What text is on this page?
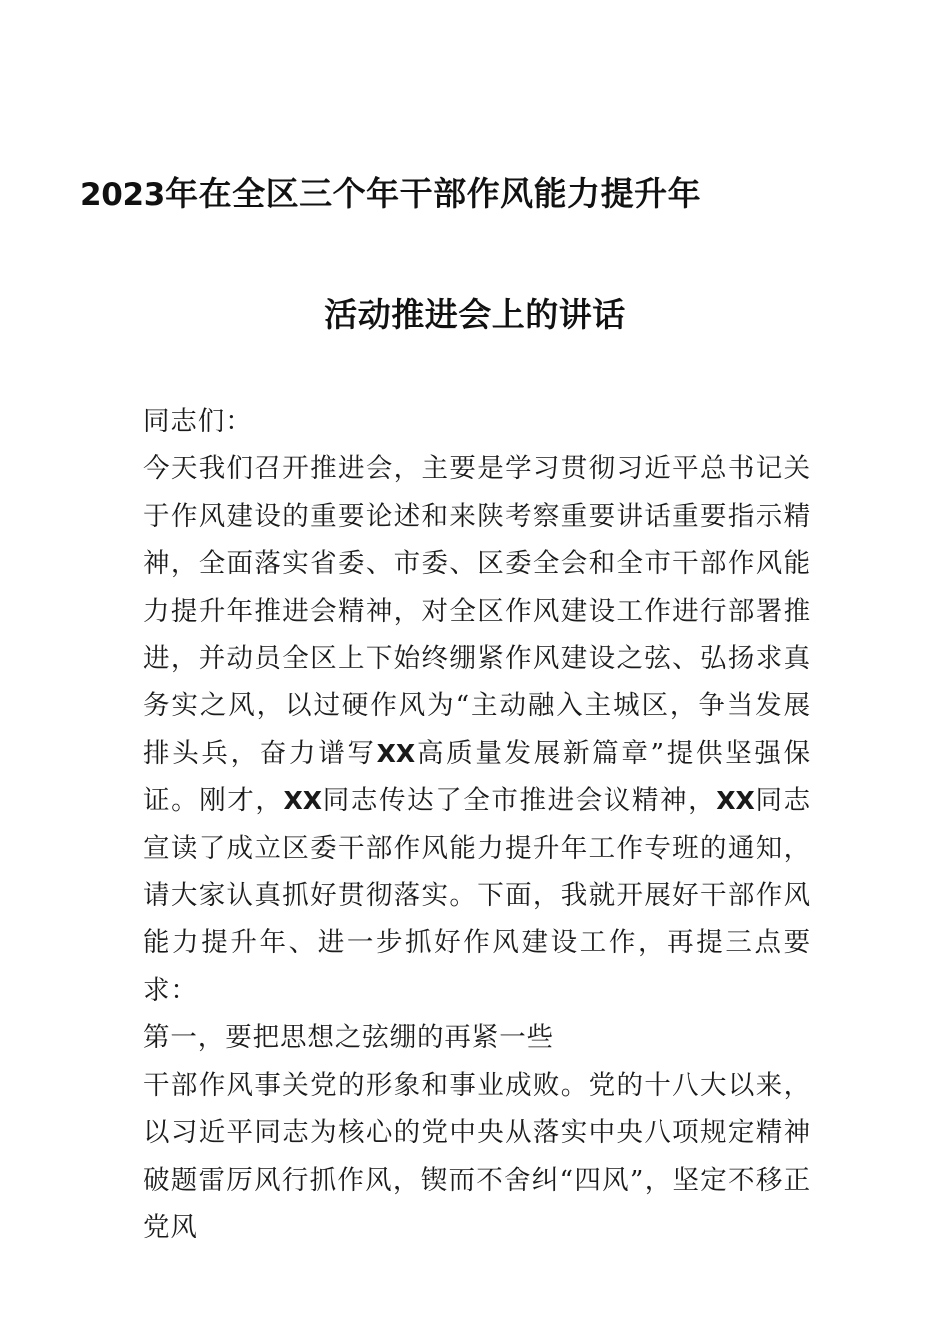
2023年在全区三个年干部作风能力提升年
活动推进会上的讲话

同志们：

今天我们召开推进会，主要是学习贯彻习近平总书记关于作风建设的重要论述和来陕考察重要讲话重要指示精神，全面落实省委、市委、区委全会和全市干部作风能力提升年推进会精神，对全区作风建设工作进行部署推进，并动员全区上下始终绷紧作风建设之弦、弘扬求真务实之风，以过硬作风为“主动融入主城区，争当发展排头兵，奋力谱写XX高质量发展新篇章”提供坚强保证。刚才，XX同志传达了全市推进会议精神，XX同志宣读了成立区委干部作风能力提升年工作专班的通知，请大家认真抓好贯彻落实。下面，我就开展好干部作风能力提升年、进一步抓好作风建设工作，再提三点要求：

第一，要把思想之弦绷的再紧一些

干部作风事关党的形象和事业成败。党的十八大以来，以习近平同志为核心的党中央从落实中央八项规定精神破题雷厉风行抓作风，锲而不舍纠“四风”，坚定不移正党风
